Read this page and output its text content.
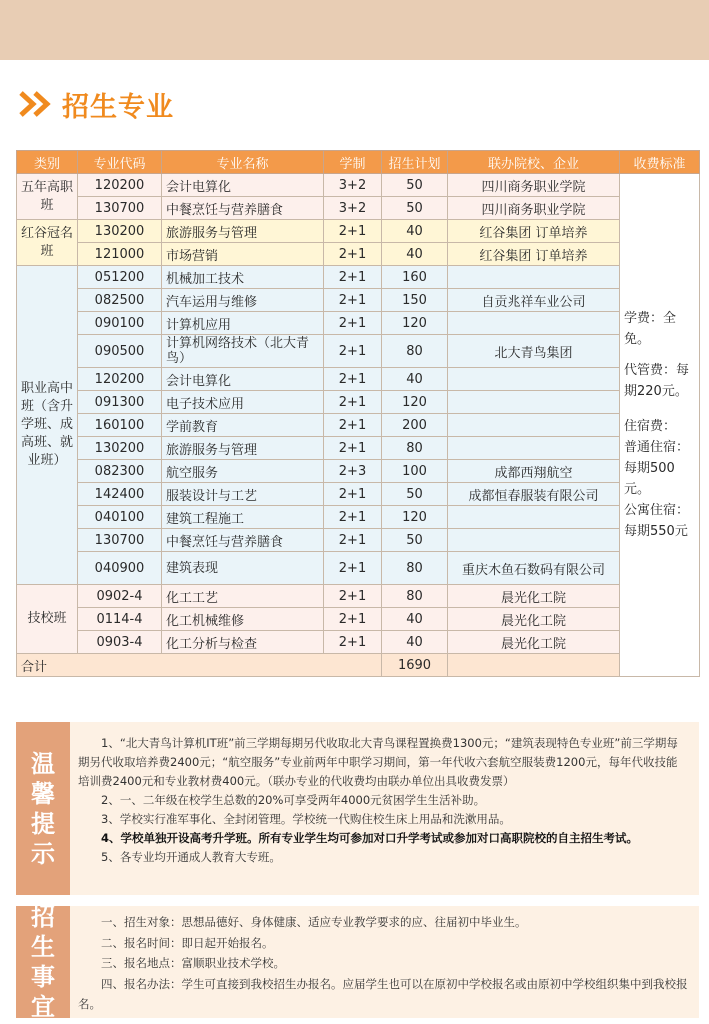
招生专业
类别	专业代码	专业名称	学制	招生计划	联办院校、企业	收费标准
五年高职班	120200	会计电算化	3+2	50	四川商务职业学院	学费：全免。
代管费：每期220元。
住宿费：
普通住宿：每期500元。
公寓住宿：每期550元

	130700	中餐烹饪与营养膳食	3+2	50	四川商务职业学院	
红谷冠名班	130200	旅游服务与管理	2+1	40	红谷集团 订单培养	
	121000	市场营销	2+1	40	红谷集团 订单培养	
职业高中班（含升学班、成高班、就业班）	051200	机械加工技术	2+1	160		
	082500	汽车运用与维修	2+1	150	自贡兆祥车业公司	
	090100	计算机应用	2+1	120		
	090500	计算机网络技术（北大青鸟）	2+1	80	北大青鸟集团	
	120200	会计电算化	2+1	40		
	091300	电子技术应用	2+1	120		
	160100	学前教育	2+1	200		
	130200	旅游服务与管理	2+1	80		
	082300	航空服务	2+3	100	成都西翔航空	
	142400	服装设计与工艺	2+1	50	成都恒春服装有限公司	
	040100	建筑工程施工	2+1	120		
	130700	中餐烹饪与营养膳食	2+1	50		
	040900	建筑表现	2+1	80	重庆木鱼石数码有限公司	
技校班	0902-4	化工工艺	2+1	80	晨光化工院	
	0114-4	化工机械维修	2+1	40	晨光化工院	
	0903-4	化工分析与检查	2+1	40	晨光化工院	
合计				1690		
温馨提示

1、“北大青鸟计算机IT班”前三学期每期另代收取北大青鸟课程置换费1300元；“建筑表现特色专业班”前三学期每期另代收取培养费2400元；“航空服务”专业前两年中职学习期间，第一年代收六套航空服装费1200元，每年代收技能培训费2400元和专业教材费400元。（联办专业的代收费均由联办单位出具收费发票）

2、一、二年级在校学生总数的20%可享受两年4000元贫困学生生活补助。

3、学校实行准军事化、全封闭管理。学校统一代购住校生床上用品和洗漱用品。

4、学校单独开设高考升学班。所有专业学生均可参加对口升学考试或参加对口高职院校的自主招生考试。

5、各专业均开通成人教育大专班。

招生事宜

一、招生对象：思想品德好、身体健康、适应专业教学要求的应、往届初中毕业生。

二、报名时间：即日起开始报名。

三、报名地点：富顺职业技术学校。

四、报名办法：学生可直接到我校招生办报名。应届学生也可以在原初中学校报名或由原初中学校组织集中到我校报名。
